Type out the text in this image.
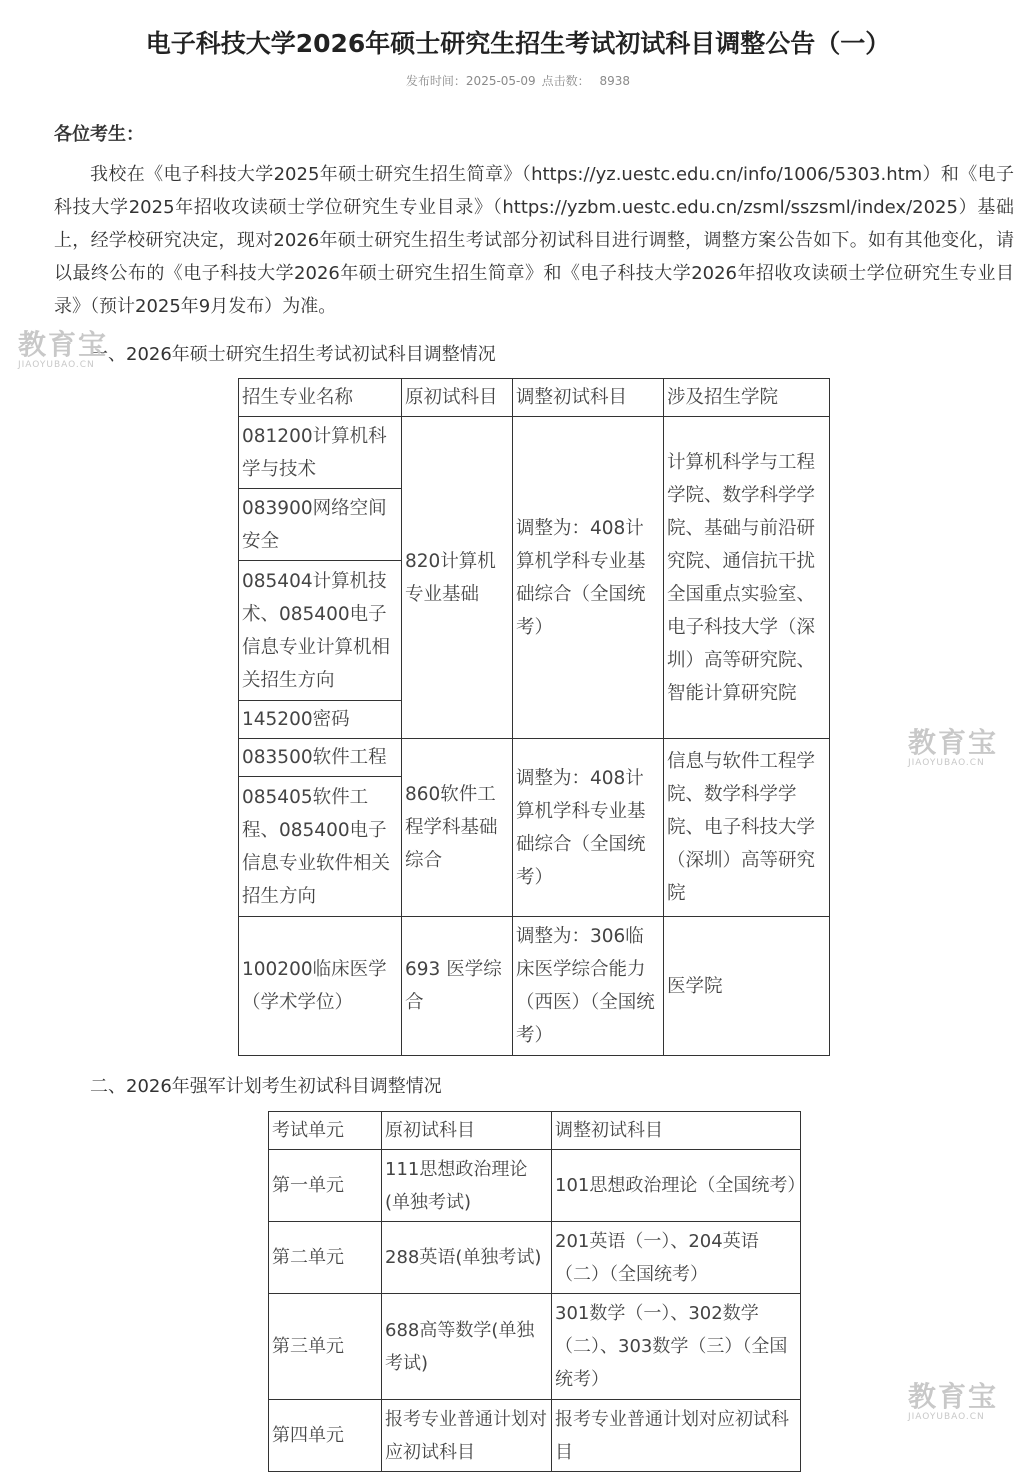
电子科技大学2026年硕士研究生招生考试初试科目调整公告（一）
发布时间：2025-05-09 点击数： 8938
各位考生：
我校在《电子科技大学2025年硕士研究生招生简章》（https://yz.uestc.edu.cn/info/1006/5303.htm）和《电子科技大学2025年招收攻读硕士学位研究生专业目录》（https://yzbm.uestc.edu.cn/zsml/sszsml/index/2025）基础上，经学校研究决定，现对2026年硕士研究生招生考试部分初试科目进行调整，调整方案公告如下。如有其他变化，请以最终公布的《电子科技大学2026年硕士研究生招生简章》和《电子科技大学2026年招收攻读硕士学位研究生专业目录》（预计2025年9月发布）为准。
一、2026年硕士研究生招生考试初试科目调整情况
招生专业名称	原初试科目	调整初试科目	涉及招生学院
081200计算机科学与技术	820计算机专业基础	调整为：408计算机学科专业基础综合（全国统考）	计算机科学与工程学院、数学科学学院、基础与前沿研究院、通信抗干扰全国重点实验室、电子科技大学（深圳）高等研究院、智能计算研究院
083900网络空间安全			
085404计算机技术、085400电子信息专业计算机相关招生方向			
145200密码			
083500软件工程	860软件工程学科基础综合	调整为：408计算机学科专业基础综合（全国统考）	信息与软件工程学院、数学科学学院、电子科技大学（深圳）高等研究院
085405软件工程、085400电子信息专业软件相关招生方向			
100200临床医学（学术学位）	693 医学综合	调整为：306临床医学综合能力（西医）（全国统考）	医学院
二、2026年强军计划考生初试科目调整情况
考试单元	原初试科目	调整初试科目
第一单元	111思想政治理论(单独考试)	101思想政治理论（全国统考）
第二单元	288英语(单独考试)	201英语（一）、204英语（二）（全国统考）
第三单元	688高等数学(单独考试)	301数学（一）、302数学（二）、303数学（三）（全国统考）
第四单元	报考专业普通计划对应初试科目	报考专业普通计划对应初试科目
教育宝
JIAOYUBAO.CN
教育宝
JIAOYUBAO.CN
教育宝
JIAOYUBAO.CN
